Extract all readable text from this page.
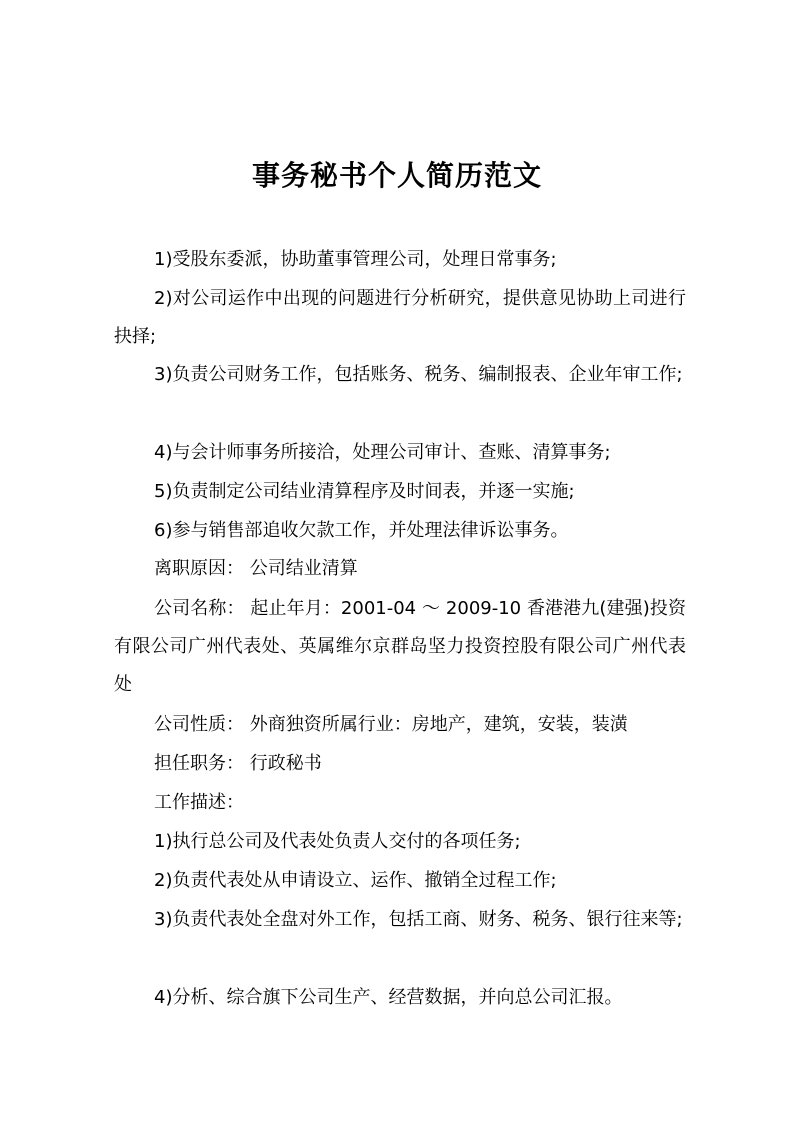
事务秘书个人简历范文

1)受股东委派，协助董事管理公司，处理日常事务;

2)对公司运作中出现的问题进行分析研究，提供意见协助上司进行抉择;

3)负责公司财务工作，包括账务、税务、编制报表、企业年审工作;

4)与会计师事务所接洽，处理公司审计、查账、清算事务;

5)负责制定公司结业清算程序及时间表，并逐一实施;

6)参与销售部追收欠款工作，并处理法律诉讼事务。

离职原因： 公司结业清算

公司名称： 起止年月：2001-04 ～ 2009-10 香港港九(建强)投资有限公司广州代表处、英属维尔京群岛坚力投资控股有限公司广州代表处

公司性质： 外商独资所属行业：房地产，建筑，安装，装潢

担任职务： 行政秘书

工作描述：

1)执行总公司及代表处负责人交付的各项任务;

2)负责代表处从申请设立、运作、撤销全过程工作;

3)负责代表处全盘对外工作，包括工商、财务、税务、银行往来等;

4)分析、综合旗下公司生产、经营数据，并向总公司汇报。
